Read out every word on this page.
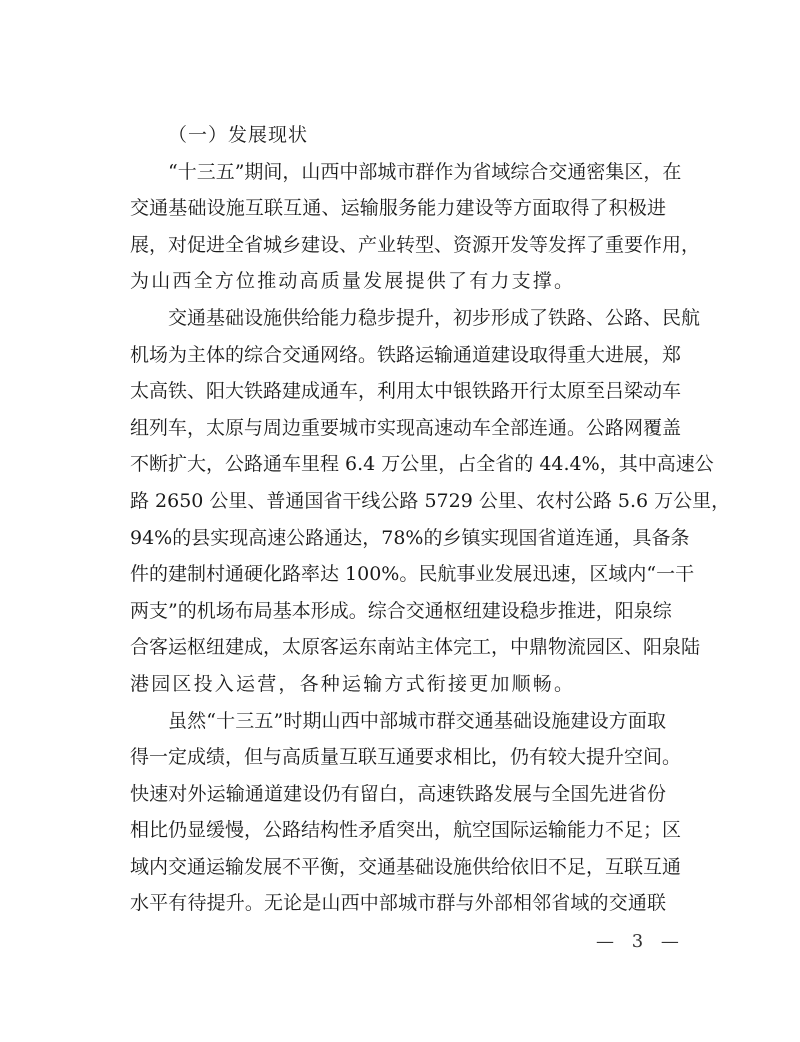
（一）发展现状
“十三五”期间，山西中部城市群作为省域综合交通密集区，在
交通基础设施互联互通、运输服务能力建设等方面取得了积极进
展，对促进全省城乡建设、产业转型、资源开发等发挥了重要作用，
为山西全方位推动高质量发展提供了有力支撑。
交通基础设施供给能力稳步提升，初步形成了铁路、公路、民航
机场为主体的综合交通网络。铁路运输通道建设取得重大进展，郑
太高铁、阳大铁路建成通车，利用太中银铁路开行太原至吕梁动车
组列车，太原与周边重要城市实现高速动车全部连通。公路网覆盖
不断扩大，公路通车里程 6.4 万公里，占全省的 44.4%，其中高速公
路 2650 公里、普通国省干线公路 5729 公里、农村公路 5.6 万公里，
94%的县实现高速公路通达，78%的乡镇实现国省道连通，具备条
件的建制村通硬化路率达 100%。民航事业发展迅速，区域内“一干
两支”的机场布局基本形成。综合交通枢纽建设稳步推进，阳泉综
合客运枢纽建成，太原客运东南站主体完工，中鼎物流园区、阳泉陆
港园区投入运营，各种运输方式衔接更加顺畅。
虽然“十三五”时期山西中部城市群交通基础设施建设方面取
得一定成绩，但与高质量互联互通要求相比，仍有较大提升空间。
快速对外运输通道建设仍有留白，高速铁路发展与全国先进省份
相比仍显缓慢，公路结构性矛盾突出，航空国际运输能力不足；区
域内交通运输发展不平衡，交通基础设施供给依旧不足，互联互通
水平有待提升。无论是山西中部城市群与外部相邻省域的交通联
— 3 —
